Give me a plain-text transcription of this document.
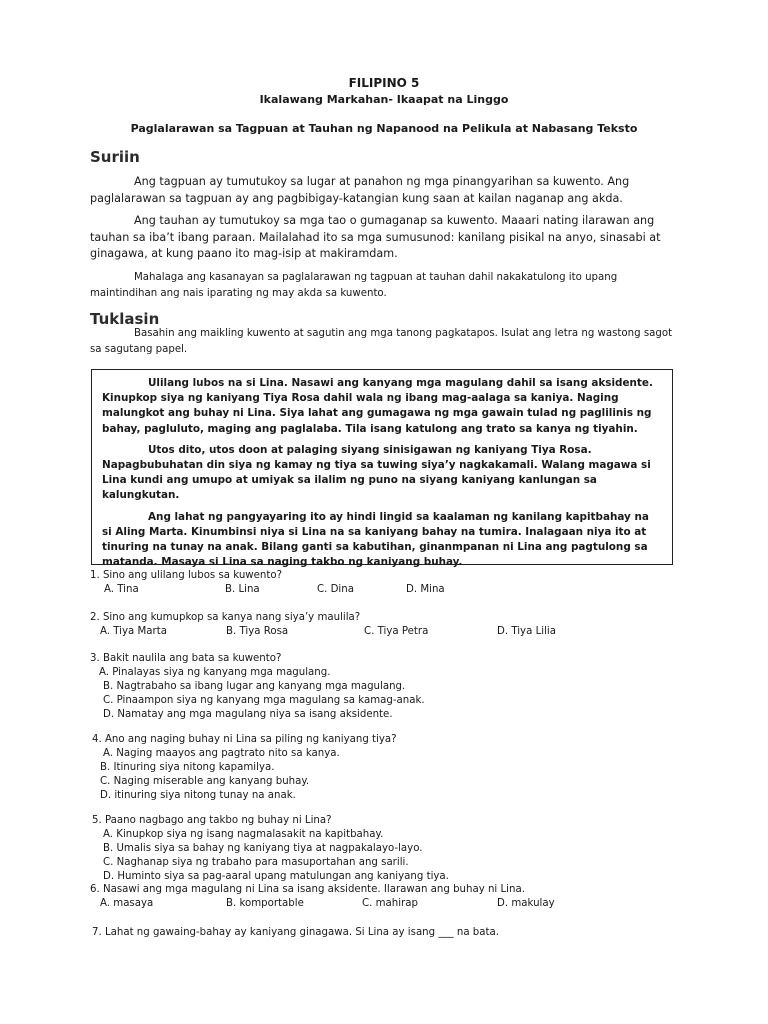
FILIPINO 5
Ikalawang Markahan- Ikaapat na Linggo
Paglalarawan sa Tagpuan at Tauhan ng Napanood na Pelikula at Nabasang Teksto
Suriin

Ang tagpuan ay tumutukoy sa lugar at panahon ng mga pinangyarihan sa kuwento. Ang paglalarawan sa tagpuan ay ang pagbibigay-katangian kung saan at kailan naganap ang akda.

Ang tauhan ay tumutukoy sa mga tao o gumaganap sa kuwento. Maaari nating ilarawan ang tauhan sa iba’t ibang paraan. Mailalahad ito sa mga sumusunod: kanilang pisikal na anyo, sinasabi at ginagawa, at kung paano ito mag-isip at makiramdam.

Mahalaga ang kasanayan sa paglalarawan ng tagpuan at tauhan dahil nakakatulong ito upang maintindihan ang nais iparating ng may akda sa kuwento.

Tuklasin

Basahin ang maikling kuwento at sagutin ang mga tanong pagkatapos. Isulat ang letra ng wastong sagot sa sagutang papel.

Ulilang lubos na si Lina. Nasawi ang kanyang mga magulang dahil sa isang aksidente. Kinupkop siya ng kaniyang Tiya Rosa dahil wala ng ibang mag-aalaga sa kaniya. Naging malungkot ang buhay ni Lina. Siya lahat ang gumagawa ng mga gawain tulad ng paglilinis ng bahay, pagluluto, maging ang paglalaba. Tila isang katulong ang trato sa kanya ng tiyahin.

Utos dito, utos doon at palaging siyang sinisigawan ng kaniyang Tiya Rosa. Napagbubuhatan din siya ng kamay ng tiya sa tuwing siya’y nagkakamali. Walang magawa si Lina kundi ang umupo at umiyak sa ilalim ng puno na siyang kaniyang kanlungan sa kalungkutan.

Ang lahat ng pangyayaring ito ay hindi lingid sa kaalaman ng kanilang kapitbahay na si Aling Marta. Kinumbinsi niya si Lina na sa kaniyang bahay na tumira. Inalagaan niya ito at tinuring na tunay na anak. Bilang ganti sa kabutihan, ginanmpanan ni Lina ang pagtulong sa matanda. Masaya si Lina sa naging takbo ng kaniyang buhay.

1. Sino ang ulilang lubos sa kuwento?
A. Tina	B. Lina	C. Dina	D. Mina
2. Sino ang kumupkop sa kanya nang siya’y maulila?
A. Tiya Marta	B. Tiya Rosa	C. Tiya Petra	D. Tiya Lilia
3. Bakit naulila ang bata sa kuwento?
A. Pinalayas siya ng kanyang mga magulang.
B. Nagtrabaho sa ibang lugar ang kanyang mga magulang.
C. Pinaampon siya ng kanyang mga magulang sa kamag-anak.
D. Namatay ang mga magulang niya sa isang aksidente.
4. Ano ang naging buhay ni Lina sa piling ng kaniyang tiya?
A. Naging maayos ang pagtrato nito sa kanya.
B. Itinuring siya nitong kapamilya.
C. Naging miserable ang kanyang buhay.
D. itinuring siya nitong tunay na anak.
5. Paano nagbago ang takbo ng buhay ni Lina?
A. Kinupkop siya ng isang nagmalasakit na kapitbahay.
B. Umalis siya sa bahay ng kaniyang tiya at nagpakalayo-layo.
C. Naghanap siya ng trabaho para masuportahan ang sarili.
D. Huminto siya sa pag-aaral upang matulungan ang kaniyang tiya.
6. Nasawi ang mga magulang ni Lina sa isang aksidente. Ilarawan ang buhay ni Lina.
A. masaya	B. komportable	C. mahirap	D. makulay
7. Lahat ng gawaing-bahay ay kaniyang ginagawa. Si Lina ay isang ___ na bata.
